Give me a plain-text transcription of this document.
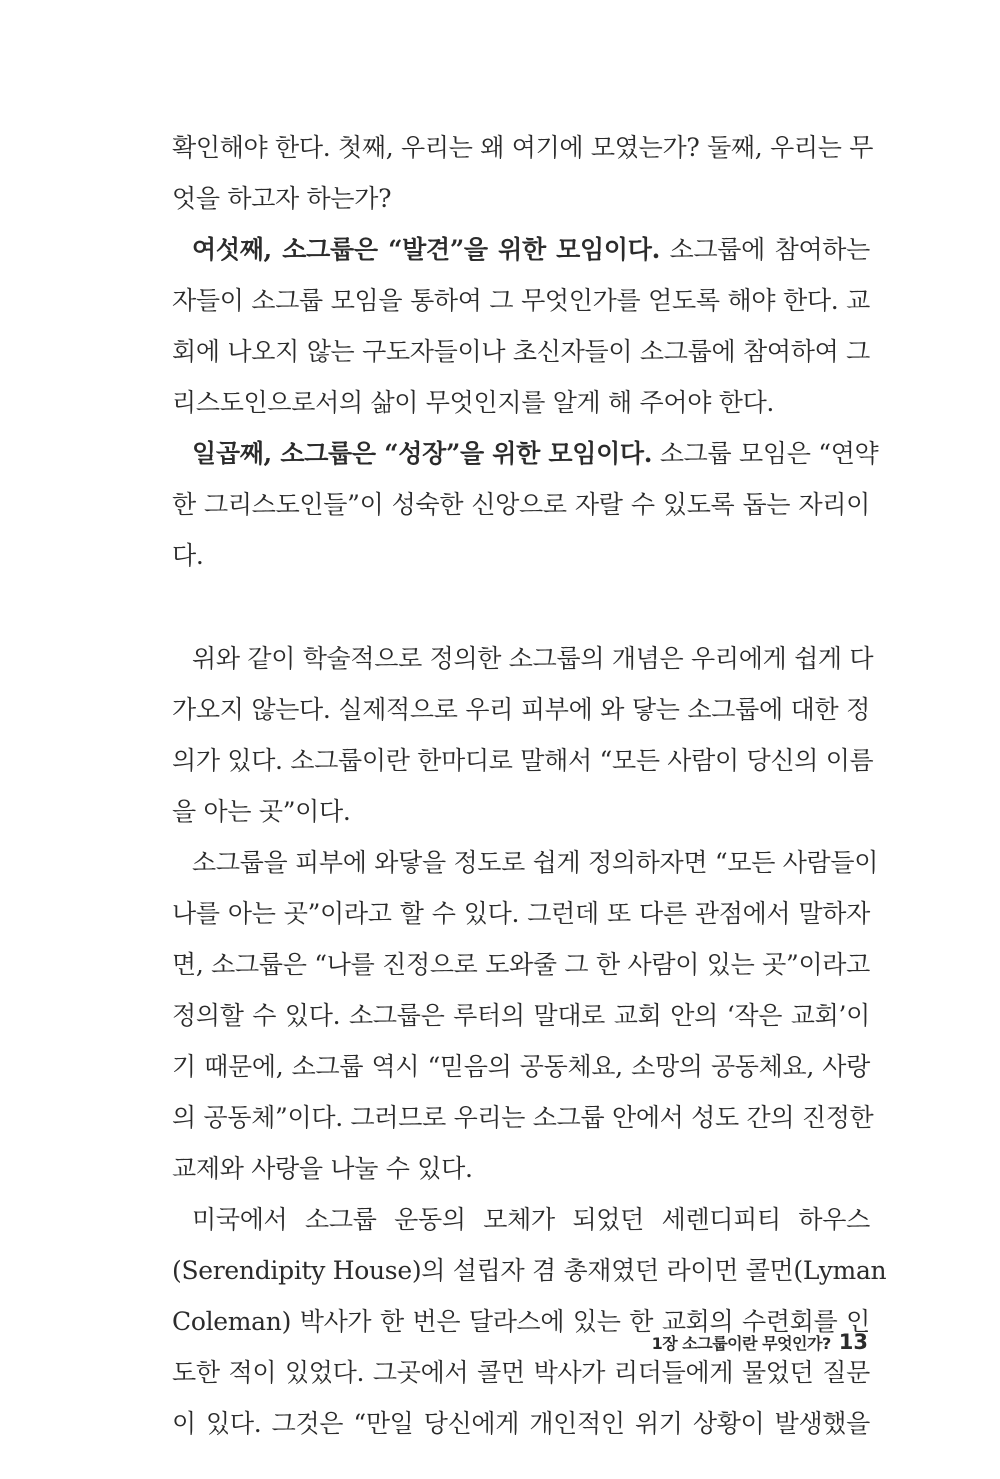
확인해야 한다. 첫째, 우리는 왜 여기에 모였는가? 둘째, 우리는 무
엇을 하고자 하는가?
여섯째, 소그룹은 “발견”을 위한 모임이다. 소그룹에 참여하는
자들이 소그룹 모임을 통하여 그 무엇인가를 얻도록 해야 한다. 교
회에 나오지 않는 구도자들이나 초신자들이 소그룹에 참여하여 그
리스도인으로서의 삶이 무엇인지를 알게 해 주어야 한다.
일곱째, 소그룹은 “성장”을 위한 모임이다. 소그룹 모임은 “연약
한 그리스도인들”이 성숙한 신앙으로 자랄 수 있도록 돕는 자리이
다.
위와 같이 학술적으로 정의한 소그룹의 개념은 우리에게 쉽게 다
가오지 않는다. 실제적으로 우리 피부에 와 닿는 소그룹에 대한 정
의가 있다. 소그룹이란 한마디로 말해서 “모든 사람이 당신의 이름
을 아는 곳”이다.
소그룹을 피부에 와닿을 정도로 쉽게 정의하자면 “모든 사람들이
나를 아는 곳”이라고 할 수 있다. 그런데 또 다른 관점에서 말하자
면, 소그룹은 “나를 진정으로 도와줄 그 한 사람이 있는 곳”이라고
정의할 수 있다. 소그룹은 루터의 말대로 교회 안의 ‘작은 교회’이
기 때문에, 소그룹 역시 “믿음의 공동체요, 소망의 공동체요, 사랑
의 공동체”이다. 그러므로 우리는 소그룹 안에서 성도 간의 진정한
교제와 사랑을 나눌 수 있다.
미국에서 소그룹 운동의 모체가 되었던 세렌디피티 하우스
(Serendipity House)의 설립자 겸 총재였던 라이먼 콜먼(Lyman
Coleman) 박사가 한 번은 달라스에 있는 한 교회의 수련회를 인
도한 적이 있었다. 그곳에서 콜먼 박사가 리더들에게 물었던 질문
이 있다. 그것은 “만일 당신에게 개인적인 위기 상황이 발생했을
1장 소그룹이란 무엇인가? 13
